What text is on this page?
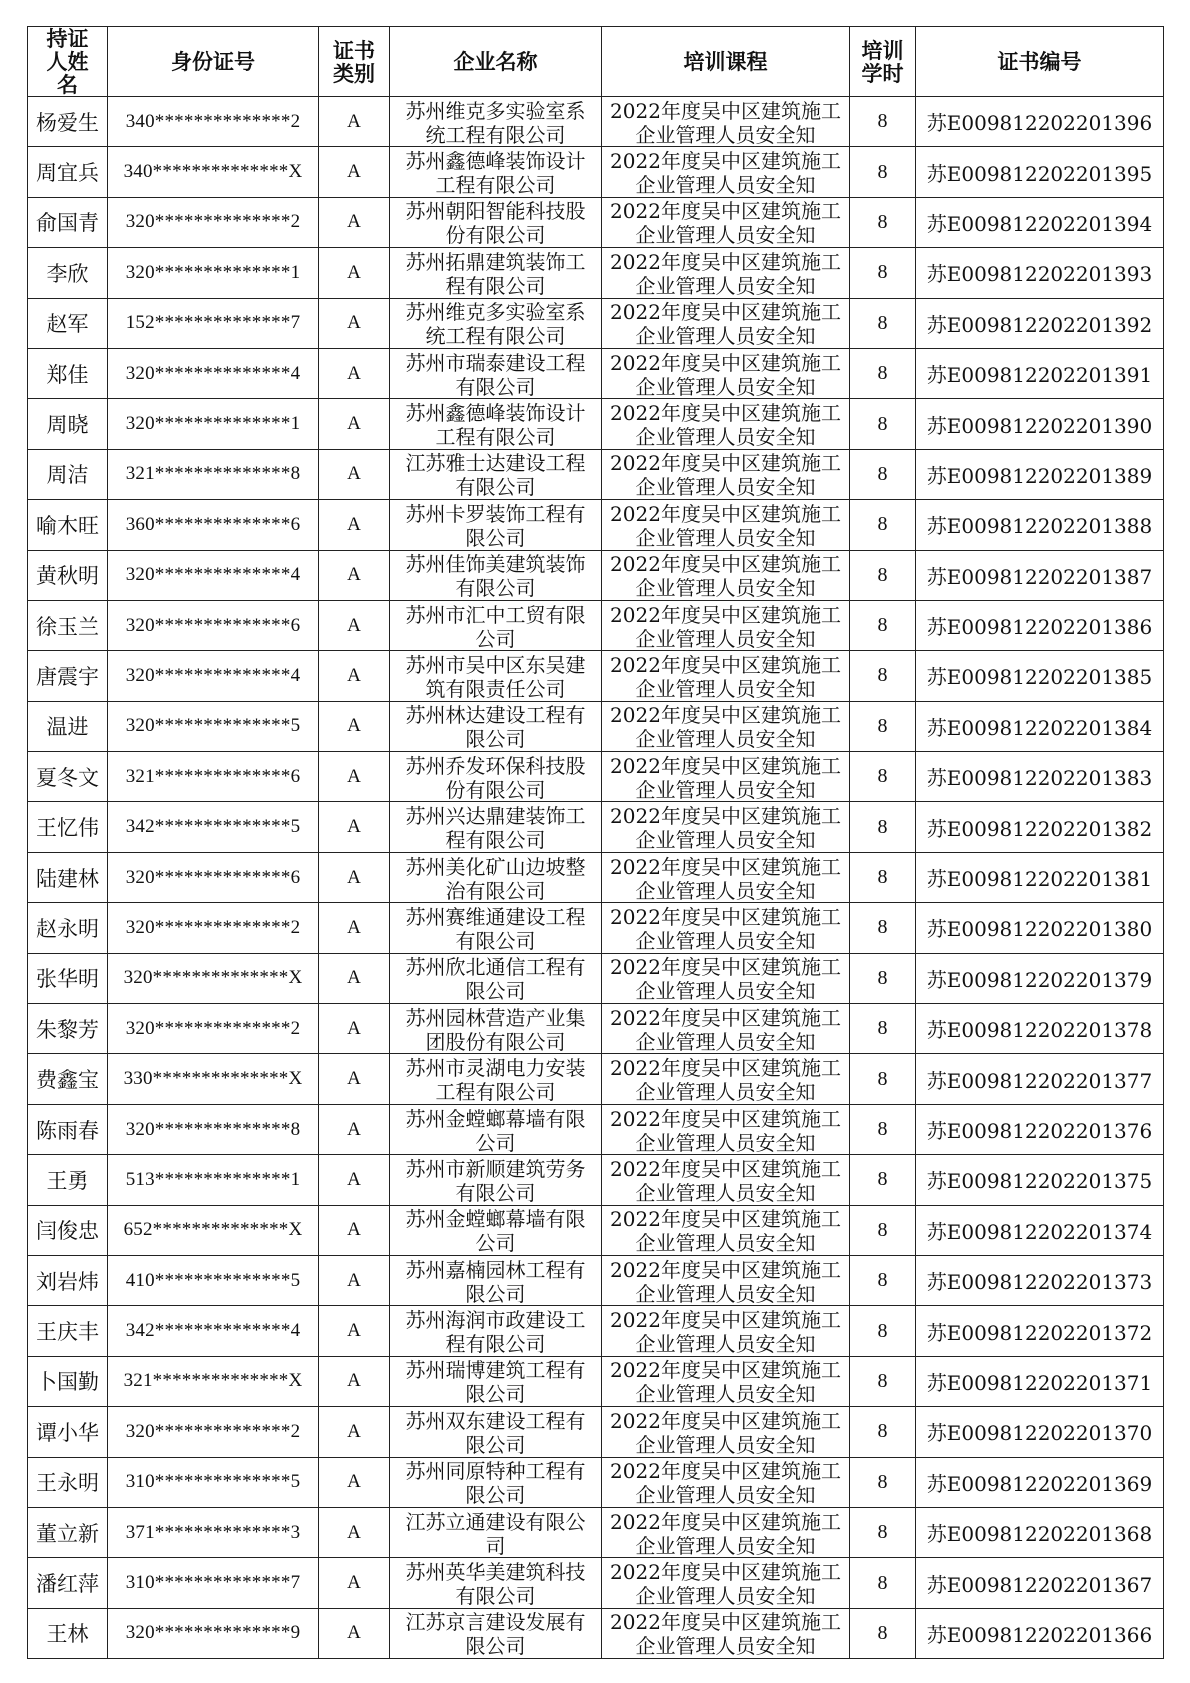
持证人姓名	身份证号	证书类别	企业名称	培训课程	培训学时	证书编号
杨爱生	340**************2	A	苏州维克多实验室系统工程有限公司	2022年度吴中区建筑施工企业管理人员安全知	8	苏E009812202201396
周宜兵	340**************X	A	苏州鑫德峰装饰设计工程有限公司	2022年度吴中区建筑施工企业管理人员安全知	8	苏E009812202201395
俞国青	320**************2	A	苏州朝阳智能科技股份有限公司	2022年度吴中区建筑施工企业管理人员安全知	8	苏E009812202201394
李欣	320**************1	A	苏州拓鼎建筑装饰工程有限公司	2022年度吴中区建筑施工企业管理人员安全知	8	苏E009812202201393
赵军	152**************7	A	苏州维克多实验室系统工程有限公司	2022年度吴中区建筑施工企业管理人员安全知	8	苏E009812202201392
郑佳	320**************4	A	苏州市瑞泰建设工程有限公司	2022年度吴中区建筑施工企业管理人员安全知	8	苏E009812202201391
周晓	320**************1	A	苏州鑫德峰装饰设计工程有限公司	2022年度吴中区建筑施工企业管理人员安全知	8	苏E009812202201390
周洁	321**************8	A	江苏雅士达建设工程有限公司	2022年度吴中区建筑施工企业管理人员安全知	8	苏E009812202201389
喻木旺	360**************6	A	苏州卡罗装饰工程有限公司	2022年度吴中区建筑施工企业管理人员安全知	8	苏E009812202201388
黄秋明	320**************4	A	苏州佳饰美建筑装饰有限公司	2022年度吴中区建筑施工企业管理人员安全知	8	苏E009812202201387
徐玉兰	320**************6	A	苏州市汇中工贸有限公司	2022年度吴中区建筑施工企业管理人员安全知	8	苏E009812202201386
唐震宇	320**************4	A	苏州市吴中区东吴建筑有限责任公司	2022年度吴中区建筑施工企业管理人员安全知	8	苏E009812202201385
温进	320**************5	A	苏州林达建设工程有限公司	2022年度吴中区建筑施工企业管理人员安全知	8	苏E009812202201384
夏冬文	321**************6	A	苏州乔发环保科技股份有限公司	2022年度吴中区建筑施工企业管理人员安全知	8	苏E009812202201383
王忆伟	342**************5	A	苏州兴达鼎建装饰工程有限公司	2022年度吴中区建筑施工企业管理人员安全知	8	苏E009812202201382
陆建林	320**************6	A	苏州美化矿山边坡整治有限公司	2022年度吴中区建筑施工企业管理人员安全知	8	苏E009812202201381
赵永明	320**************2	A	苏州赛维通建设工程有限公司	2022年度吴中区建筑施工企业管理人员安全知	8	苏E009812202201380
张华明	320**************X	A	苏州欣北通信工程有限公司	2022年度吴中区建筑施工企业管理人员安全知	8	苏E009812202201379
朱黎芳	320**************2	A	苏州园林营造产业集团股份有限公司	2022年度吴中区建筑施工企业管理人员安全知	8	苏E009812202201378
费鑫宝	330**************X	A	苏州市灵湖电力安装工程有限公司	2022年度吴中区建筑施工企业管理人员安全知	8	苏E009812202201377
陈雨春	320**************8	A	苏州金螳螂幕墙有限公司	2022年度吴中区建筑施工企业管理人员安全知	8	苏E009812202201376
王勇	513**************1	A	苏州市新顺建筑劳务有限公司	2022年度吴中区建筑施工企业管理人员安全知	8	苏E009812202201375
闫俊忠	652**************X	A	苏州金螳螂幕墙有限公司	2022年度吴中区建筑施工企业管理人员安全知	8	苏E009812202201374
刘岩炜	410**************5	A	苏州嘉楠园林工程有限公司	2022年度吴中区建筑施工企业管理人员安全知	8	苏E009812202201373
王庆丰	342**************4	A	苏州海润市政建设工程有限公司	2022年度吴中区建筑施工企业管理人员安全知	8	苏E009812202201372
卜国勤	321**************X	A	苏州瑞博建筑工程有限公司	2022年度吴中区建筑施工企业管理人员安全知	8	苏E009812202201371
谭小华	320**************2	A	苏州双东建设工程有限公司	2022年度吴中区建筑施工企业管理人员安全知	8	苏E009812202201370
王永明	310**************5	A	苏州同原特种工程有限公司	2022年度吴中区建筑施工企业管理人员安全知	8	苏E009812202201369
董立新	371**************3	A	江苏立通建设有限公司	2022年度吴中区建筑施工企业管理人员安全知	8	苏E009812202201368
潘红萍	310**************7	A	苏州英华美建筑科技有限公司	2022年度吴中区建筑施工企业管理人员安全知	8	苏E009812202201367
王林	320**************9	A	江苏京言建设发展有限公司	2022年度吴中区建筑施工企业管理人员安全知	8	苏E009812202201366
